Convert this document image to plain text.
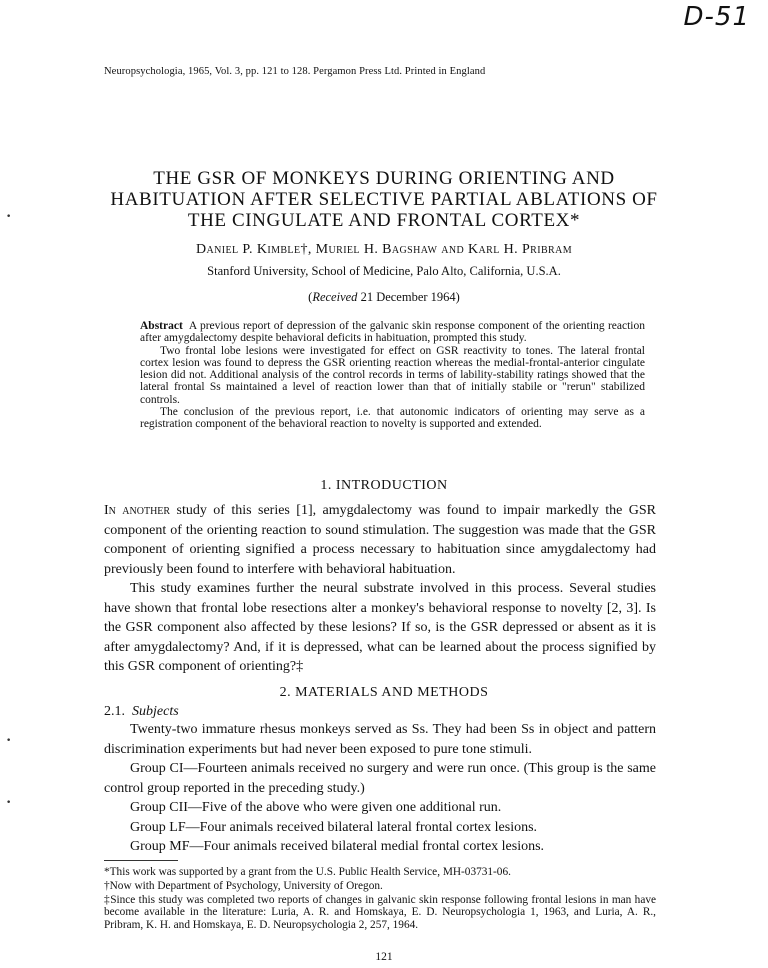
D-51
Neuropsychologia, 1965, Vol. 3, pp. 121 to 128. Pergamon Press Ltd. Printed in England
THE GSR OF MONKEYS DURING ORIENTING AND
HABITUATION AFTER SELECTIVE PARTIAL ABLATIONS OF
THE CINGULATE AND FRONTAL CORTEX*
Daniel P. Kimble†, Muriel H. Bagshaw and Karl H. Pribram
Stanford University, School of Medicine, Palo Alto, California, U.S.A.
(Received 21 December 1964)

Abstract A previous report of depression of the galvanic skin response component of the orienting reaction after amygdalectomy despite behavioral deficits in habituation, prompted this study.

Two frontal lobe lesions were investigated for effect on GSR reactivity to tones. The lateral frontal cortex lesion was found to depress the GSR orienting reaction whereas the medial-frontal-anterior cingulate lesion did not. Additional analysis of the control records in terms of lability-stability ratings showed that the lateral frontal Ss maintained a level of reaction lower than that of initially stabile or "rerun" stabilized controls.

The conclusion of the previous report, i.e. that autonomic indicators of orienting may serve as a registration component of the behavioral reaction to novelty is supported and extended.

1. INTRODUCTION

In another study of this series [1], amygdalectomy was found to impair markedly the GSR component of the orienting reaction to sound stimulation. The suggestion was made that the GSR component of orienting signified a process necessary to habituation since amygdalectomy had previously been found to interfere with behavioral habituation.

This study examines further the neural substrate involved in this process. Several studies have shown that frontal lobe resections alter a monkey's behavioral response to novelty [2, 3]. Is the GSR component also affected by these lesions? If so, is the GSR depressed or absent as it is after amygdalectomy? And, if it is depressed, what can be learned about the process signified by this GSR component of orienting?‡

2. MATERIALS AND METHODS
2.1. Subjects

Twenty-two immature rhesus monkeys served as Ss. They had been Ss in object and pattern discrimination experiments but had never been exposed to pure tone stimuli.

Group CI—Fourteen animals received no surgery and were run once. (This group is the same control group reported in the preceding study.)

Group CII—Five of the above who were given one additional run.

Group LF—Four animals received bilateral lateral frontal cortex lesions.

Group MF—Four animals received bilateral medial frontal cortex lesions.

*This work was supported by a grant from the U.S. Public Health Service, MH-03731-06.

†Now with Department of Psychology, University of Oregon.

‡Since this study was completed two reports of changes in galvanic skin response following frontal lesions in man have become available in the literature: Luria, A. R. and Homskaya, E. D. Neuropsychologia 1, 1963, and Luria, A. R., Pribram, K. H. and Homskaya, E. D. Neuropsychologia 2, 257, 1964.

121
•
•
•
